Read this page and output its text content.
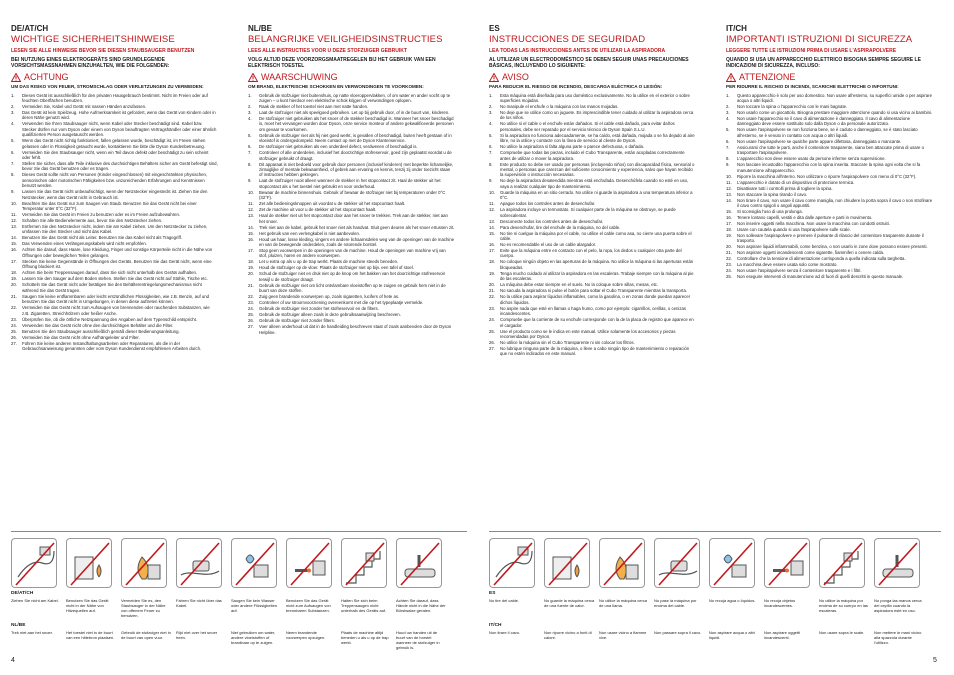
DE/AT/CH
WICHTIGE SICHERHEITSHINWEISE
LESEN SIE ALLE HINWEISE BEVOR SIE DIESEN STAUBSAUGER BENUTZEN
BEI NUTZUNG EINES ELEKTROGERÄTS SIND GRUNDLEGENDE VORSICHTSMASSNAHMEN EINZUHALTEN, WIE DIE FOLGENDEN:
ACHTUNG
UM DAS RISIKO VON FEUER, STROMSCHLAG ODER VERLETZUNGEN ZU VERMEIDEN:
1.	Dieses Gerät ist ausschließlich für den privaten Hausgebrauch bestimmt. Nicht im Freien oder auf feuchten Oberflächen benutzen.
2.	Vermeiden Sie, Kabel und Gerät mit nassen Händen anzufassen.
3.	Das Gerät ist kein Spielzeug. Hohe Aufmerksamkeit ist gefordert, wenn das Gerät von Kindern oder in deren Nähe genutzt wird.
4.	Verwenden Sie Ihren Staubsauger nicht, wenn Kabel oder Stecker beschädigt sind. Kabel bzw. Stecker dürfen nur vom Dyson oder einem von Dyson beauftragten Vertragshändler oder einer ähnlich qualifizierten Person ausgetauscht werden.
5.	Wenn das Gerät nicht richtig funktioniert, fallen gelassen wurde, beschädigt ist, im Freien stehen gelassen oder in Flüssigkeit getaucht wurde, kontaktieren Sie bitte die Dyson Kundenbetreuung.
6.	Vermeiden Sie den Staubsauger nicht, wenn ein Teil davon defekt oder beschädigt zu sein scheint oder fehlt.
7.	Stellen Sie sicher, dass alle Teile inklusive des durchsichtigen Behälters sicher am Gerät befestigt sind, bevor Sie das Gerät benutzen oder es tragen.
8.	Dieses Gerät sollte nicht von Personen (Kinder eingeschlossen) mit eingeschränkten physischen, sensorischen oder motorischen Fähigkeiten bzw. unzureichenden Erfahrungen und Kenntnissen benutzt werden.
9.	Lassen Sie das Gerät nicht unbeaufsichtigt, wenn der Netzstecker eingesteckt ist. Ziehen Sie den Netzstecker, wenn das Gerät nicht in Gebrauch ist.
10.	Beachten Sie das Gerät nur zum Saugen von Staub. Benutzen Sie das Gerät nicht bei einer Temperatur unter 0°C (32°F).
11.	Vermeiden Sie das Gerät im Freien zu benutzen oder es im Freien aufzubewahren.
12.	Schalten Sie alle Bedienelemente aus, bevor Sie den Netzstecker ziehen.
13.	Entfernen Sie den Netzstecker nicht, indem Sie am Kabel ziehen. Um den Netzstecker zu ziehen, umfassen Sie den Stecker und nicht das Kabel.
14.	Benutzen Sie das Gerät nicht als Leiter. Benutzen Sie das Kabel nicht als Tragegriff.
15.	Das Verwenden eines Verlängerungskabels wird nicht empfohlen.
16.	Achten Sie darauf, dass Haare, lose Kleidung, Finger und sonstige Körperteile nicht in die Nähe von Öffnungen oder beweglichen Teilen gelangen.
17.	Stecken Sie keine Gegenstände in Öffnungen des Geräts. Benutzen Sie das Gerät nicht, wenn eine Öffnung blockiert ist.
18.	Achten Sie beim Treppensaugen darauf, dass Sie sich nicht unterhalb des Geräts aufhalten.
19.	Lassen Sie den Sauger auf dem Boden stehen. Stellen Sie das Gerät nicht auf Stühle, Tische etc.
20.	Schütteln Sie das Gerät nicht oder betätigen Sie den Behälterentriegelungsmechanismus nicht während Sie das Gerät tragen.
21.	Saugen Sie keine entflammbaren oder leicht entzündlichen Flüssigkeiten, wie z.B. Benzin, auf und benutzen Sie das Gerät nicht in Umgebungen, in denen diese auftreten können.
22.	Vermeiden Sie das Gerät nicht zum Aufsaugen von brennenden oder rauchenden Substanzen, wie z.B. Zigaretten, Streichhölzern oder heißer Asche.
23.	Überprüfen Sie, ob die örtliche Netzspannung den Angaben auf dem Typenschild entspricht.
24.	Verwenden Sie das Gerät nicht ohne den durchsichtigen Behälter und die Filter.
25.	Benutzen Sie den Staubsauger ausschließlich gemäß dieser Bedienungsanleitung.
26.	Vermeiden Sie das Gerät nicht ohne Aufhängeleiter und Filter.
27.	Führen Sie keine anderen Instandhaltungsarbeiten oder Reparaturen, als die in der Gebrauchsanweisung genannten oder vom Dyson Kundendienst empfohlenen Arbeiten durch.
NL/BE
BELANGRIJKE VEILIGHEIDSINSTRUCTIES
LEES ALLE INSTRUCTIES VOOR U DEZE STOFZUIGER GEBRUIKT
VOLG ALTIJD DEZE VOORZORGSMAATREGELEN BIJ HET GEBRUIK VAN EEN ELEKTRISCH TOESTEL
WAARSCHUWING
OM BRAND, ELEKTRISCHE SCHOKKEN EN VERWONDINGEN TE VOORKOMEN:
1.	Gebruik de stofzuiger niet buitenshuis, op natte vloeroppervlakken, of om water en ander vocht op te zuigen – u kunt hierdoor een elektrische schok krijgen of verwondingen oplopen.
2.	Raak de stekker of het toestel niet aan met natte handen.
3.	Laat de stofzuiger niet als speelgoed gebruiken. Let op bij gebruik door, of in de buurt van, kinderen.
4.	De stofzuiger niet gebruiken als het snoer of de stekker beschadigd is. Wanneer het snoer beschadigd is, moet het vervangen worden door Dyson, onze service monteur of andere gekwalificeerde personen om gevaar te voorkomen.
5.	Gebruik de stofzuiger niet als hij niet goed werkt, is gevallen of beschadigd, buiten heeft gestaan of in vloeistof is ondergedompeld. Neem contact op met de Dyson Klantenservice.
6.	De stofzuiger niet gebruiken als een onderdeel defect, verdwenen of beschadigd is.
7.	Controleer of alle onderdelen, inclusief het doorzichtige stofreservoir, goed zijn geplaatst voordat u de stofzuiger gebruikt of draagt.
8.	Dit apparaat is niet bedoeld voor gebruik door personen (inclusief kinderen) met beperkte lichamelijke, zintuiglijke of mentale bekwaamheid, of gebrek aan ervaring en kennis, tenzij zij onder toezicht staan of instructies hebben gekregen.
9.	Laat de stofzuiger nooit alleen wanneer de stekker in het stopcontact zit. Haal de stekker uit het stopcontact als u het toestel niet gebruikt en voor onderhoud.
10.	Bewaar de machine binnenshuis. Gebruik of bewaar de stofzuiger niet bij temperaturen onder 0°C (32°F).
11.	Zet alle bedieningsknoppen uit voordat u de stekker uit het stopcontact haalt.
12.	Zet de machine uit voor u de stekker uit het stopcontact haalt.
13.	Haal de stekker niet uit het stopcontact door aan het snoer te trekken. Trek aan de stekker, niet aan het snoer.
14.	Trek niet aan de kabel, gebruik het snoer niet als handvat. Sluit geen deuren als het snoer ertussen zit.
15.	Het gebruik van een verlengkabel is niet aanbevolen.
16.	Houd uw haar, losse kleding, vingers en andere lichaamsdelen weg van de openingen van de machine en van de bewegende onderdelen, zoals de rotorende borstel.
17.	Stop geen voorwerpen in de openingen van de machine. Houd de openingen van machine vrij van stof, pluizen, haren en andere voorwerpen.
18.	Let u extra op als u op de trap werkt. Plaats de machine steeds beneden.
19.	Houd de stofzuiger op de vloer. Plaats de stofzuiger niet op bijv. een tafel of stoel.
20.	Schud de stofzuiger niet en druk niet op de knop om het bakken van het doorzichtige stofreservoir terwijl u de stofzuiger draagt.
21.	Gebruik de stofzuiger niet om licht ontvlambare vloeistoffen op te zuigen en gebruik hem niet in de buurt van deze stoffen.
22.	Zuig geen brandende voorwerpen op, zoals sigaretten, lucifers of hete as.
23.	Controleer of uw stroomvoorziening overeenkomt met die op het typeplaatje vermelde.
24.	Gebruik de stofzuiger niet zonder het stofreservoir en de filters.
25.	Gebruik de stofzuiger alleen zoals in deze gebruiksaanwijzing beschreven.
26.	Gebruik de stofzuiger niet zonder filters.
27.	Voer alleen onderhoud uit dat in de handleiding beschreven staat of zoals aanbevolen door de Dyson Helpline.
DE/AT/CH
Ziehen Sie nicht am Kabel.	Benutzen Sie das Gerät nicht in der Nähe von Hitzequellen auf.
Vermeiden Sie es, den Staubsauger in der Nähe von offenem Feuer zu benutzen.
Fahren Sie nicht über das Kabel.
Saugen Sie kein Wasser oder andere Flüssigkeiten auf.
Benutzen Sie das Gerät nicht zum Aufsaugen von brennbaren Substanzen.
Halten Sie sich beim Treppensaugen nicht unterhalb des Geräts auf.
Achten Sie darauf, dass Hände nicht in die Nähe der Bürstwalze geraten.
NL/BE
Trek niet aan het snoer.	Het toestel niet in de buurt van een hittebron plaatsen.
Gebruik de stofzuiger niet in de buurt van open vuur.
Rijd niet over het snoer heen.
Niet gebruiken om water, andere vloeistoffen of brandbaar op te zuigen.
Neem brandende voorwerpen opzuigen.
Plaats de machine altijd beneden u als u op de trap werkt.
Houd uw handen uit de buurt van de borstel wanneer de stofzuiger in gebruik is.
4
ES
INSTRUCCIONES DE SEGURIDAD
LEA TODAS LAS INSTRUCCIONES ANTES DE UTILIZAR LA ASPIRADORA
AL UTILIZAR UN ELECTRODOMÉSTICO SE DEBEN SEGUIR UNAS PRECAUCIONES BÁSICAS, INCLUYENDO LO SIGUIENTE:
AVISO
PARA REDUCIR EL RIESGO DE INCENDIO, DESCARGA ELÉCTRICA O LESIÓN:
1.	Esta máquina está diseñada para uso doméstico exclusivamente. No la utilice en el exterior o sobre superficies mojadas.
2.	No manipule el enchufe o la máquina con las manos mojadas.
3.	No deje que se utilice como un juguete. Es imprescindible tener cuidado al utilizar la aspiradora cerca de los niños.
4.	No utilice si el cable o el enchufe están dañados. Si el cable está dañado, para evitar daños personales, debe ser reparado por el servicio técnico de Dyson Spain S.L.U.
5.	Si la aspiradora no funciona adecuadamente, se ha caído, está dañada, mojada o se ha dejado al aire libre, no la utilice y contacte con la línea de servicio al cliente de Dyson.
6.	No utilice la aspiradora si falta alguna parte o parece defectuosa, o dañada.
7.	Compruebe que todas las piezas, incluido el Cubo Transparente, están acopladas correctamente antes de utilizar o mover la aspiradora.
8.	Este producto no debe ser usado por personas (incluyendo niños) con discapacidad física, sensorial o mental, o personas que carezcan del suficiente conocimiento y experiencia, salvo que hayan recibido la supervisión o instrucción necesarias.
9.	No deje la aspiradora desatendida mientras está enchufada. Desenchúfela cuando no esté en uso, vaya a realizar cualquier tipo de mantenimiento.
10.	Guarde la máquina en un sitio cerrado. No utilice ni guarde la aspiradora a una temperatura inferior a 0°C.
11.	Apague todos los controles antes de desenchufar.
12.	La aspiradora incluye un termostato. Si cualquier parte de la máquina se obstruye, se puede sobrecalentar.
13.	Desconecte todos los controles antes de desenchufar.
14.	Para desenchufar, tire del enchufe de la máquina, no del cable.
15.	No tire ni cuelgue la máquina por el cable, no utilice el cable como asa, no cierre una puerta sobre el cable.
16.	No es recomendable el uso de un cable alargador.
17.	Evite que la máquina entre en contacto con el pelo, la ropa, los dedos u cualquier otra parte del cuerpo.
18.	No coloque ningún objeto en las aperturas de la máquina. No utilice la máquina si las aperturas están bloqueadas.
19.	Tenga mucho cuidado al utilizar la aspiradora en las escaleras. Trabaje siempre con la máquina al pie de las escaleras.
20.	La máquina debe estar siempre en el suelo. No la coloque sobre sillas, mesas, etc.
21.	No sacuda la aspiradora ni pulse el botón para soltar el Cubo Transparente mientras la transporta.
22.	No la utilice para aspirar líquidos inflamables, como la gasolina, o en zonas donde puedan aparecer dichos líquidos.
23.	No aspire nada que esté en llamas o haga humo, como por ejemplo: cigarrillos, cerillas, o cenizas incandescentes.
24.	Compruebe que la corriente de su enchufe corresponde con la de la placa de registro que aparece en el cargador.
25.	Use el producto como se le indica en este manual. Utilice solamente los accesorios y piezas recomendadas por Dyson.
26.	No utilice la máquina sin el Cubo Transparente ni sin colocar los filtros.
27.	No lubrique ninguna parte de la máquina, o lleve a cabo ningún tipo de mantenimiento o reparación que no estén indicados en este manual.
IT/CH
IMPORTANTI ISTRUZIONI DI SICUREZZA
LEGGERE TUTTE LE ISTRUZIONI PRIMA DI USARE L'ASPIRAPOLVERE
QUANDO SI USA UN APPARECCHIO ELETTRICO BISOGNA SEMPRE SEGUIRE LE INDICAZIONI DI SICUREZZA, INCLUSO:
ATTENZIONE
PER RIDURRE IL RISCHIO DI INCENDI, SCARICHE ELETTRICHE O INFORTUNI:
1.	Questo apparecchio è solo per uso domestico. Non usare all'esterno, su superfici umide o per aspirare acqua o altri liquidi.
2.	Non toccare la spina o l'apparecchio con le mani bagnate.
3.	Non usarlo come un giocattolo. Bisogna prestare maggiore attenzione quando si usa vicino ai bambini.
4.	Non usare l'apparecchio se il cavo di alimentazione è danneggiato. Il cavo di alimentazione danneggiato deve essere sostituito solo dalla Dyson o da personale autorizzato.
5.	Non usare l'aspirapolvere se non funziona bene, se è caduto o danneggiato, se è stato lasciato all'esterno, se è venuto in contatto con acqua o altri liquidi.
6.	Non usare l'aspirapolvere se qualche parte appare difettosa, danneggiata o mancante.
7.	Assicurarsi che tutte le parti, anche il contenitore trasparente, siano ben attaccate prima di usare o trasportare l'aspirapolvere.
8.	L'apparecchio non deve essere usato da persone inferme senza supervisione.
9.	Non lasciare incustodito l'apparecchio con la spina inserita. Staccare la spina ogni volta che si fa manutenzione all'apparecchio.
10.	Riporre la macchina all'interno. Non utilizzare o riporre l'aspirapolvere con meno di 0°C (32°F).
11.	L'apparecchio è dotato di un dispositivo di protezione termica.
12.	Disattivare tutti i controlli prima di togliere la spina.
13.	Non staccare la spina tirando il cavo.
14.	Non tirare il cavo, non usare il cavo come maniglia, non chiudere la porta sopra il cavo o non strofinare il cavo contro spigoli o angoli appuntiti.
15.	Si sconsiglia l'uso di una prolunga.
16.	Tenere lontano capelli, vestiti e dita dalle aperture e parti in movimento.
17.	Non inserire oggetti nella macchina. Non usare la macchina con condotti ostruiti.
18.	Usare con cautela quando si usa l'aspirapolvere sulle scale.
19.	Non sollevare l'aspirapolvere e premere il pulsante di rilascio del contenitore trasparente durante il trasporto.
20.	Non aspirare liquidi infiammabili, come benzina, o non usarlo in zone dove possono essere presenti.
21.	Non aspirare oggetti incandescenti come sigarette, fiammiferi o cenere calda.
22.	Controllare che la tensione di alimentazione corrisponda a quella indicata sulla targhetta.
23.	La macchina deve essere usata solo come mostrato.
24.	Non usare l'aspirapolvere senza il contenitore trasparente e i filtri.
25.	Non eseguire interventi di manutenzione ad di fuori di quelli descritti in questo manuale.
ES
No tire del cable.	No guarde la máquina cerca de una fuente de calor.
No utilice la máquina cerca de una llama.
No pase la máquina por encima del cable.
No recoja agua o líquidos.	No recoja objetos incandescentes.
No utilice la máquina por encima de su cuerpo en las escaleras.
No ponga las manos cerca del cepillo cuando la aspiradora esté en uso.
IT/CH
Non tirare il cavo.	Non riporre vicino a fonti di calore.
Non usare vicino a fiamme vive.
Non passare sopra il cavo.	Non aspirare acqua o altri liquidi.
Non aspirare oggetti incandescenti.
Non usare sopra le scale.	Non mettere le mani vicino alla spazzola durante l'utilizzo.
5
